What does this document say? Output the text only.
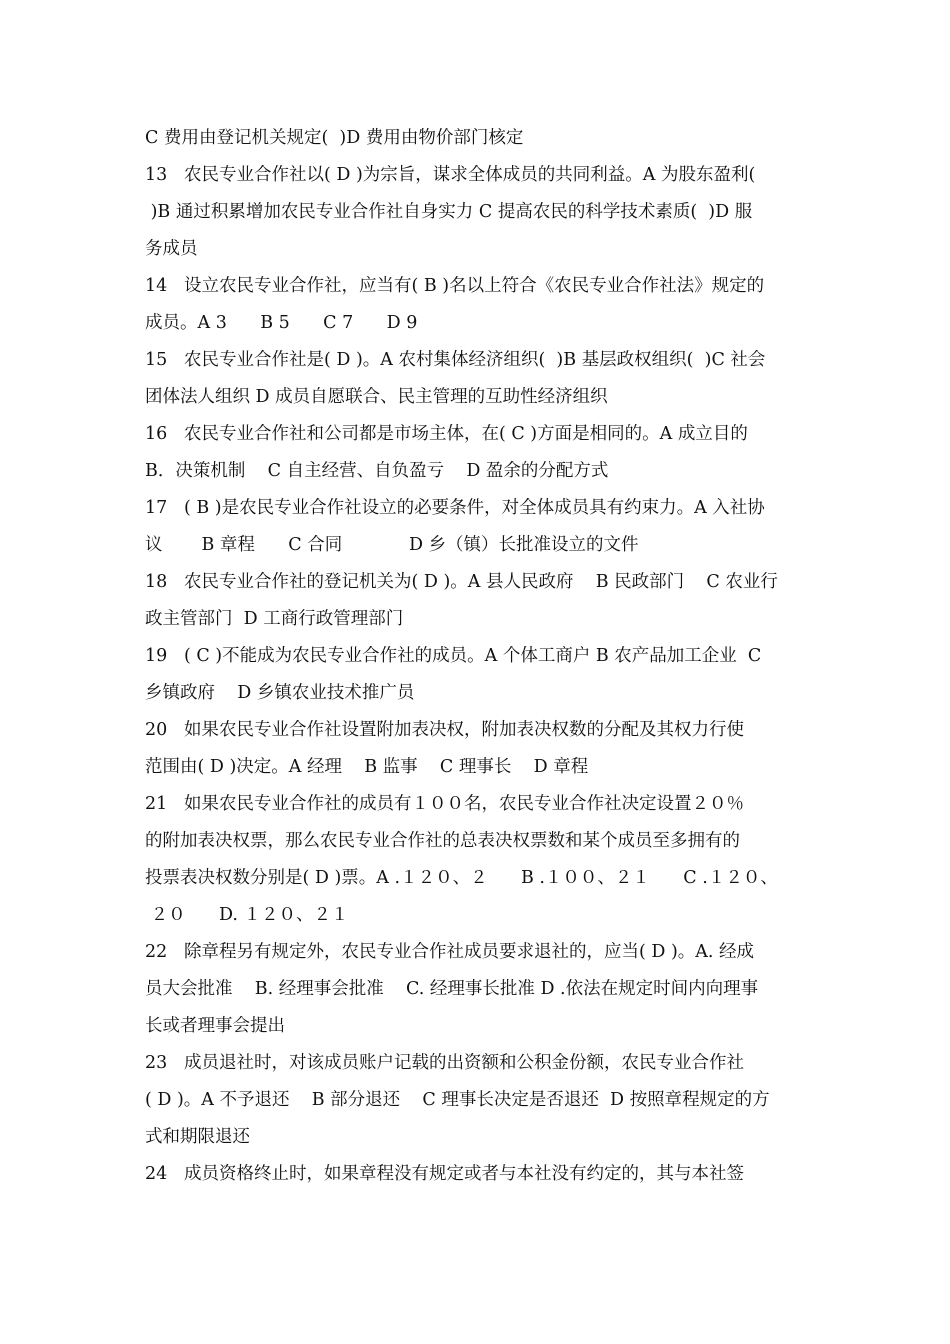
C 费用由登记机关规定(  )D 费用由物价部门核定
13   农民专业合作社以( D )为宗旨，谋求全体成员的共同利益。A 为股东盈利(
)B 通过积累增加农民专业合作社自身实力 C 提高农民的科学技术素质(  )D 服
务成员
14   设立农民专业合作社，应当有( B )名以上符合《农民专业合作社法》规定的
成员。A 3      B 5      C 7      D 9
15   农民专业合作社是( D )。A 农村集体经济组织(  )B 基层政权组织(  )C 社会
团体法人组织 D 成员自愿联合、民主管理的互助性经济组织
16   农民专业合作社和公司都是市场主体，在( C )方面是相同的。A 成立目的
B．决策机制    C 自主经营、自负盈亏    D 盈余的分配方式
17   ( B )是农民专业合作社设立的必要条件，对全体成员具有约束力。A 入社协
议       B 章程      C 合同            D 乡（镇）长批准设立的文件
18   农民专业合作社的登记机关为( D )。A 县人民政府    B 民政部门    C 农业行
政主管部门  D 工商行政管理部门
19   ( C )不能成为农民专业合作社的成员。A 个体工商户 B 农产品加工企业  C
乡镇政府    D 乡镇农业技术推广员
20   如果农民专业合作社设置附加表决权，附加表决权数的分配及其权力行使
范围由( D )决定。A 经理    B 监事    C 理事长    D 章程
21   如果农民专业合作社的成员有１００名，农民专业合作社决定设置２０％
的附加表决权票，那么农民专业合作社的总表决权票数和某个成员至多拥有的
投票表决权数分别是( D )票。A .１２０、２      B .１００、２１      C .１２０、
２０      D. １２０、２１
22   除章程另有规定外，农民专业合作社成员要求退社的，应当( D )。A. 经成
员大会批准    B. 经理事会批准    C. 经理事长批准 D .依法在规定时间内向理事
长或者理事会提出
23   成员退社时，对该成员账户记载的出资额和公积金份额，农民专业合作社
( D )。A 不予退还    B 部分退还    C 理事长决定是否退还  D 按照章程规定的方
式和期限退还
24   成员资格终止时，如果章程没有规定或者与本社没有约定的，其与本社签
